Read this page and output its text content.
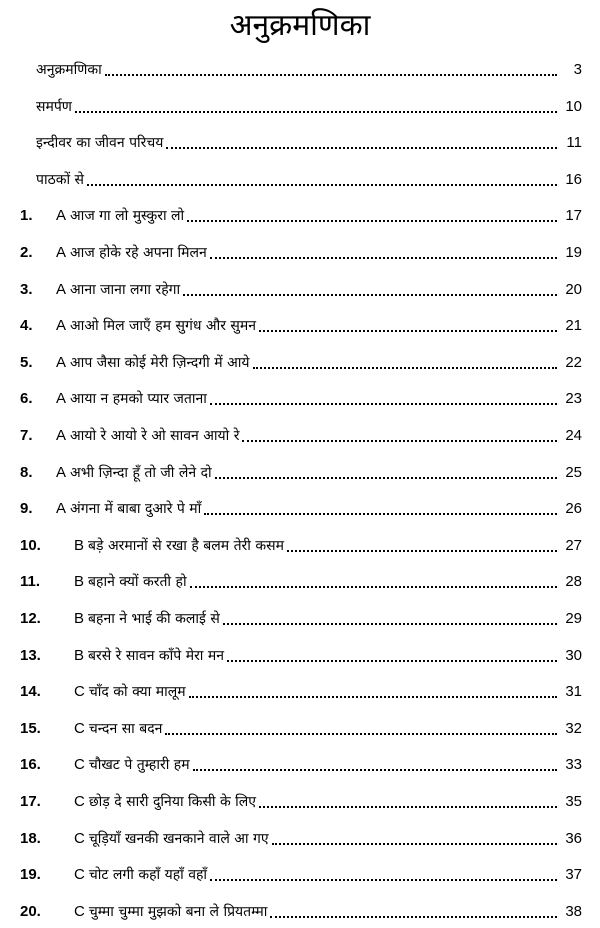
अनुक्रमणिका
अनुक्रमणिका	3
समर्पण	10
इन्दीवर का जीवन परिचय	11
पाठकों से	16
1. A आज गा लो मुस्कुरा लो	17
2. A आज होके रहे अपना मिलन	19
3. A आना जाना लगा रहेगा	20
4. A आओ मिल जाएँ हम सुगंध और सुमन	21
5. A आप जैसा कोई मेरी ज़िन्दगी में आये	22
6. A आया न हमको प्यार जताना	23
7. A आयो रे आयो रे ओ सावन आयो रे	24
8. A अभी ज़िन्दा हूँ तो जी लेने दो	25
9. A अंगना में बाबा दुआरे पे माँ	26
10. B बड़े अरमानों से रखा है बलम तेरी कसम	27
11. B बहाने क्यों करती हो	28
12. B बहना ने भाई की कलाई से	29
13. B बरसे रे सावन काँपे मेरा मन	30
14. C चाँद को क्या मालूम	31
15. C चन्दन सा बदन	32
16. C चौखट पे तुम्हारी हम	33
17. C छोड़ दे सारी दुनिया किसी के लिए	35
18. C चूड़ियाँ खनकी खनकाने वाले आ गए	36
19. C चोट लगी कहाँ यहाँ वहाँ	37
20. C चुम्मा चुम्मा मुझको बना ले प्रियतम्मा	38
